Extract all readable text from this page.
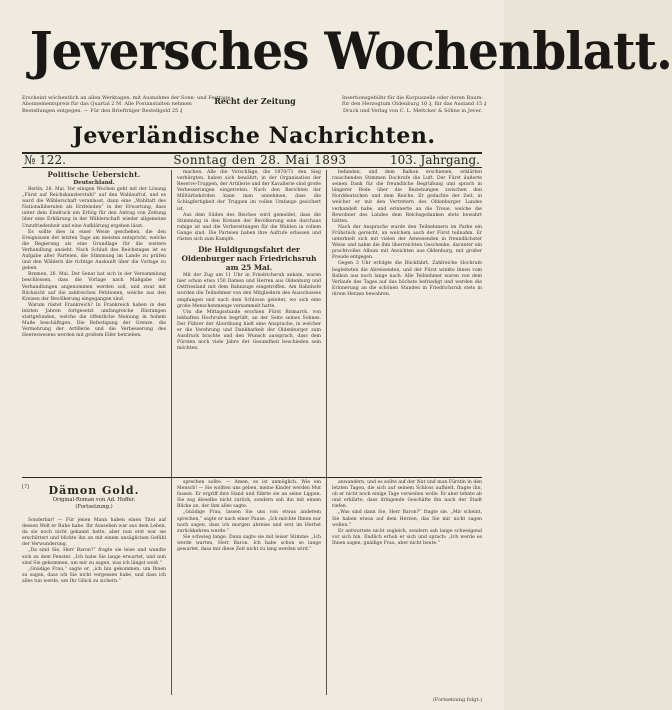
Jeversches Wochenblatt.
Erscheint wöchentlich an allen Werktagen, mit Ausnahme der Sonn- und Festtage.
Abonnementspreis für das Quartal 2 M. Alle Postanstalten nehmen
Bestellungen entgegen. — Für den Briefträger Bestellgeld 25 ₰
Recht der Zeitung	Insertionsgebühr für die Korpuszeile oder deren Raum:
für den Herzogtum Oldenburg 10 ₰, für das Ausland 15 ₰
Druck und Verlag von C. L. Mettcker & Söhne in Jever.
Jeverländische Nachrichten.
№ 122.	Sonntag den 28. Mai 1893	103. Jahrgang.
Politische Uebersicht.
Deutschland.

Berlin, 26. Mai. Vor einigen Wochen geht mit der Lösung „Fürst auf Reichskanzlerstuhl“ auf den Wahlaufruf, und es ward die Wählerschaft veranlasst, dann eine „Wahltaft des Nationalliberalen als Erzfeinden“ in der Erwartung, dass unter dem Eindruck ein Erfolg für den Antrag von Zeitung über eine Erklärung in der Wählerschaft wieder allgemeine Unzufriedenheit und eine Aufklärung ergehen lässt.

Es sollte dies in einer Weise geschehen, die den Ereignissen der letzten Tage am meisten entspricht, welche die Regierung als eine Grundlage für die weitere Verhandlung ansieht. Nach Schluß des Reichstages ist es Aufgabe aller Parteien, die Stimmung im Lande zu prüfen und den Wählern die richtige Auskunft über die Vorlage zu geben.

Bremen, 26. Mai. Der Senat hat sich in der Versammlung beschlossen, dass die Vorlage nach Maßgabe der Verhandlungen angenommen werden soll, und zwar mit Rücksicht auf die zahlreichen Petitionen, welche aus den Kreisen der Bevölkerung eingegangen sind.

Warum rüstet Frankreich? In Frankreich haben in den letzten Jahren fortgesetzt umfangreiche Rüstungen stattgefunden, welche die öffentliche Meinung in hohem Maße beschäftigen. Die Befestigung der Grenze, die Vermehrung der Artillerie und die Verbesserung des Heereswesens werden mit großem Eifer betrieben.

machen. Alle die Vorschläge, die 1870/71 den Sieg verbürgten, haben sich bewährt; in der Organisation der Reserve-Truppen, der Artillerie und der Kavallerie sind große Verbesserungen eingetreten. Nach den Berichten der Militärbehörden kann man annehmen, dass die Schlagfertigkeit der Truppen im vollen Umfange gesichert ist.

Aus dem Süden des Reiches wird gemeldet, dass die Stimmung in den Kreisen der Bevölkerung eine durchaus ruhige ist und die Vorbereitungen für die Wahlen in vollem Gange sind. Die Parteien haben ihre Aufrufe erlassen und rüsten sich zum Kampfe.

Die Huldigungsfahrt der Oldenburger nach Friedrichsruh am 25 Mai.

Mit der Zug um 11 Uhr in Friedrichsruh ankam, waren hier schon etwa 150 Damen und Herren aus Oldenburg und Ostfriesland mit dem Bahnzuge eingetroffen. Am Bahnhofe wurden die Teilnehmer von den Mitgliedern des Ausschusses empfangen und nach dem Schlosse geleitet, wo sich eine große Menschenmenge versammelt hatte.

Um die Mittagsstunde erschien Fürst Bismarck, von lebhaften Hochrufen begrüßt, an der Seite seines Sohnes. Der Führer der Abordnung hielt eine Ansprache, in welcher er die Verehrung und Dankbarkeit der Oldenburger zum Ausdruck brachte und den Wunsch aussprach, dass dem Fürsten noch viele Jahre der Gesundheit beschieden sein möchten.

befanden, und dem Balkon erschienen, erklärten rauschenden Stimmen Dochrufe die Luft. Der Fürst äußerte seinen Dank für die freundliche Begrüßung und sprach in längerer Rede über die Beziehungen zwischen den Norddeutschen und dem Reiche. Er gedachte der Zeit, in welcher er mit den Vertretern des Oldenburger Landes verhandelt habe, und erinnerte an die Treue, welche die Bewohner des Landes dem Reichsgedanken stets bewahrt hätten.

Nach der Ansprache wurde den Teilnehmern im Parke ein Frühstück gereicht, an welchem auch der Fürst teilnahm. Er unterhielt sich mit vielen der Anwesenden in freundlichster Weise und nahm die ihm überreichten Geschenke, darunter ein prachtvolles Album mit Ansichten aus Oldenburg, mit großer Freude entgegen.

Gegen 3 Uhr erfolgte die Rückfahrt. Zahlreiche Hochrufe begleiteten die Abreisenden, und der Fürst winkte ihnen vom Balkon aus noch lange nach. Alle Teilnehmer waren von dem Verlaufe des Tages auf das höchste befriedigt und werden die Erinnerung an die schönen Stunden in Friedrichsruh stets in ihrem Herzen bewahren.

[7]	Dämon Gold.
Original-Roman von Ad. Hoffer.
(Fortsetzung.)

Sonderbar! — Für jenen Mann haben einen Titel auf dessen Welt er Ruhe habe. Ihr Aussehen war aus dem Leben, da sie noch nicht gekannt hatte, aber nun erst war sie erschüttert und blickte ihn an mit einem unsäglichen Gefühl der Verwunderung.

„Da sind Sie, Herr Baron?“ fragte sie leise und wandte sich zu dem Fenster. „Ich habe Sie lange erwartet, und nun sind Sie gekommen, um mir zu sagen, was ich längst weiß.“

„Gnädige Frau,“ sagte er, „ich bin gekommen, um Ihnen zu sagen, dass ich Sie nicht vergessen habe, und dass ich alles tun werde, um Ihr Glück zu sichern.“

sprechen sollte. — Amen, es ist unmöglich. Wie ein Mensch! — Sie wollten uns geben, meine Kinder werden Mut fassen. Er ergriff ihre Hand und führte sie an seine Lippen. Sie zog dieselbe nicht zurück, sondern sah ihn mit einem Blicke an, der ihm alles sagte.

„Gnädige Frau, lassen Sie uns von etwas anderem sprechen,“ sagte er nach einer Pause. „Ich möchte Ihnen nur noch sagen, dass ich morgen abreise und erst im Herbst zurückkehren werde.“

Sie schwieg lange. Dann sagte sie mit leiser Stimme: „Ich werde warten, Herr Baron. Ich habe schon so lange gewartet, dass mir diese Zeit nicht zu lang werden wird.“

anwandern, und es sollte auf der Nat und man Fürstin in den letzten Tagen, die sich auf seinem Schloss aufhielt, fragte ihn, ob er nicht noch einige Tage verweilen wolle. Er aber lehnte ab und erklärte, dass dringende Geschäfte ihn nach der Stadt riefen.

„Was sind dann Sie, Herr Baron?“ fragte sie. „Mir scheint, Sie haben etwas auf dem Herzen, das Sie mir nicht sagen wollen.“

Er antwortete nicht sogleich, sondern sah lange schweigend vor sich hin. Endlich erhob er sich und sprach: „Ich werde es Ihnen sagen, gnädige Frau, aber nicht heute.“

(Fortsetzung folgt.)
